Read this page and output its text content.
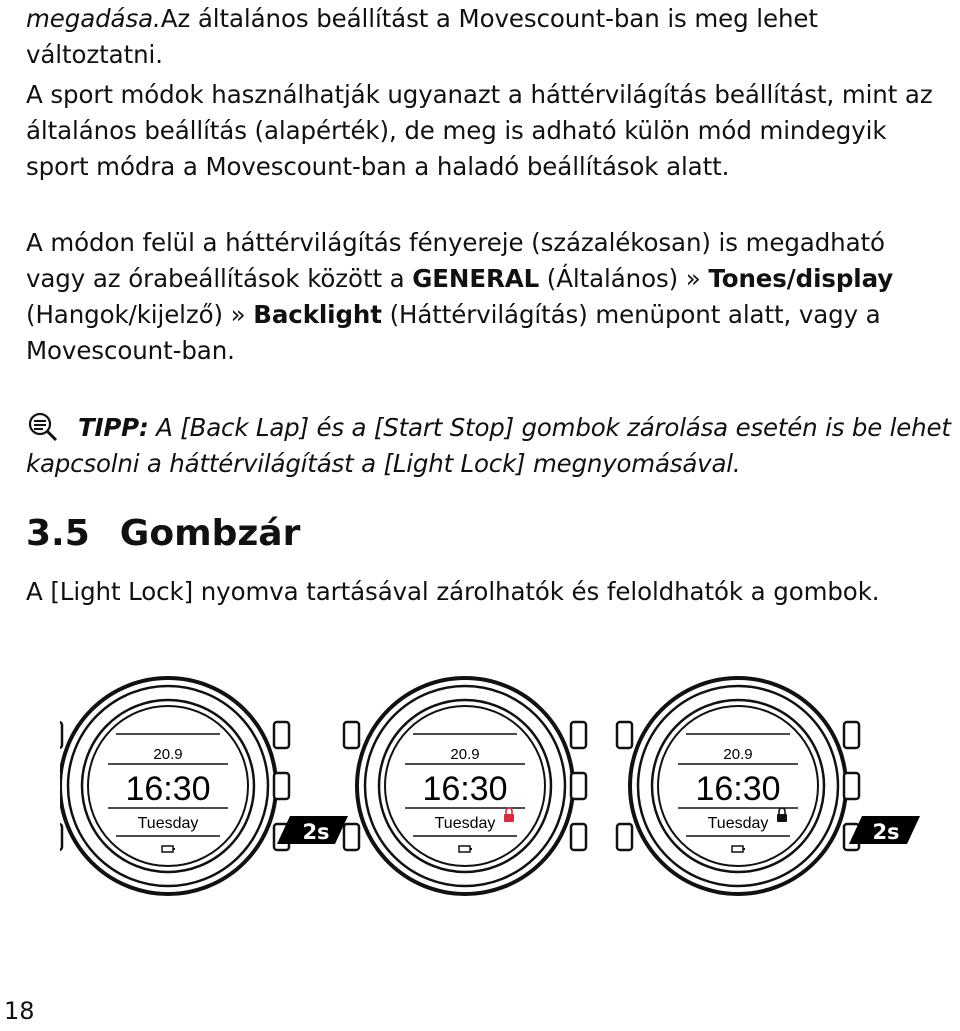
megadása.Az általános beállítást a Movescount-ban is meg lehet változtatni.
A sport módok használhatják ugyanazt a háttérvilágítás beállítást, mint az általános beállítás (alapérték), de meg is adható külön mód mindegyik sport módra a Movescount-ban a haladó beállítások alatt.
A módon felül a háttérvilágítás fényereje (százalékosan) is megadható vagy az órabeállítások között a GENERAL (Általános) » Tones/display (Hangok/kijelző) » Backlight (Háttérvilágítás) menüpont alatt, vagy a Movescount-ban.
TIPP: A [Back Lap] és a [Start Stop] gombok zárolása esetén is be lehet kapcsolni a háttérvilágítást a [Light Lock] megnyomásával.
3.5 Gombzár
A [Light Lock] nyomva tartásával zárolhatók és feloldhatók a gombok.
20.9
16:30
Tuesday	2s
20.9
16:30
Tuesday
20.9
16:30
Tuesday	2s
18
